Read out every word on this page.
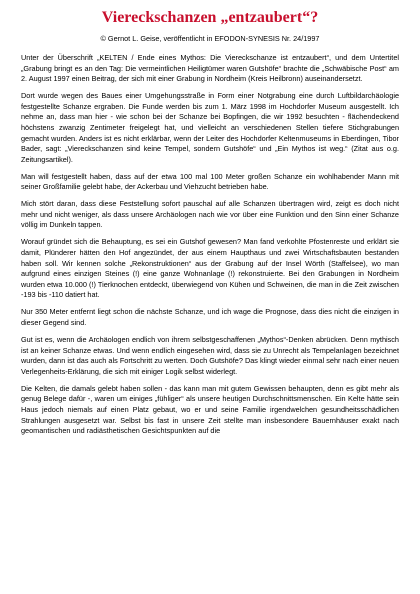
Viereckschanzen „entzaubert“?
© Gernot L. Geise, veröffentlicht in EFODON-SYNESIS Nr. 24/1997

Unter der Überschrift „KELTEN / Ende eines Mythos: Die Viereckschanze ist entzaubert“, und dem Untertitel „Grabung bringt es an den Tag: Die vermeintlichen Heiligtümer waren Gutshöfe“ brachte die „Schwäbische Post“ am 2. August 1997 einen Beitrag, der sich mit einer Grabung in Nordheim (Kreis Heilbronn) auseinandersetzt.

Dort wurde wegen des Baues einer Umgehungsstraße in Form einer Notgrabung eine durch Luftbildarchäologie festgestellte Schanze ergraben. Die Funde werden bis zum 1. März 1998 im Hochdorfer Museum ausgestellt. Ich nehme an, dass man hier - wie schon bei der Schanze bei Bopfingen, die wir 1992 besuchten - flächendeckend höchstens zwanzig Zentimeter freigelegt hat, und vielleicht an verschiedenen Stellen tiefere Stichgrabungen gemacht wurden. Anders ist es nicht erklärbar, wenn der Leiter des Hochdorfer Keltenmuseums in Eberdingen, Tibor Bader, sagt: „Viereckschanzen sind keine Tempel, sondern Gutshöfe“ und „Ein Mythos ist weg.“ (Zitat aus o.g. Zeitungsartikel).

Man will festgestellt haben, dass auf der etwa 100 mal 100 Meter großen Schanze ein wohlhabender Mann mit seiner Großfamilie gelebt habe, der Ackerbau und Viehzucht betrieben habe.

Mich stört daran, dass diese Feststellung sofort pauschal auf alle Schanzen übertragen wird, zeigt es doch nicht mehr und nicht weniger, als dass unsere Archäologen nach wie vor über eine Funktion und den Sinn einer Schanze völlig im Dunkeln tappen.

Worauf gründet sich die Behauptung, es sei ein Gutshof gewesen? Man fand verkohlte Pfostenreste und erklärt sie damit, Plünderer hätten den Hof angezündet, der aus einem Haupthaus und zwei Wirtschaftsbauten bestanden haben soll. Wir kennen solche „Rekonstruktionen“ aus der Grabung auf der Insel Wörth (Staffelsee), wo man aufgrund eines einzigen Steines (!) eine ganze Wohnanlage (!) rekonstruierte. Bei den Grabungen in Nordheim wurden etwa 10.000 (!) Tierknochen entdeckt, überwiegend von Kühen und Schweinen, die man in die Zeit zwischen -193 bis -110 datiert hat.

Nur 350 Meter entfernt liegt schon die nächste Schanze, und ich wage die Prognose, dass dies nicht die einzigen in dieser Gegend sind.

Gut ist es, wenn die Archäologen endlich von ihrem selbstgeschaffenen „Mythos“-Denken abrücken. Denn mythisch ist an keiner Schanze etwas. Und wenn endlich eingesehen wird, dass sie zu Unrecht als Tempelanlagen bezeichnet wurden, dann ist das auch als Fortschritt zu werten. Doch Gutshöfe? Das klingt wieder einmal sehr nach einer neuen Verlegenheits-Erklärung, die sich mit einiger Logik selbst widerlegt.

Die Kelten, die damals gelebt haben sollen - das kann man mit gutem Gewissen behaupten, denn es gibt mehr als genug Belege dafür -, waren um einiges „fühliger“ als unsere heutigen Durchschnittsmenschen. Ein Kelte hätte sein Haus jedoch niemals auf einen Platz gebaut, wo er und seine Familie irgendwelchen gesundheitsschädlichen Strahlungen ausgesetzt war. Selbst bis fast in unsere Zeit stellte man insbesondere Bauernhäuser exakt nach geomantischen und radiästhetischen Gesichtspunkten auf die
